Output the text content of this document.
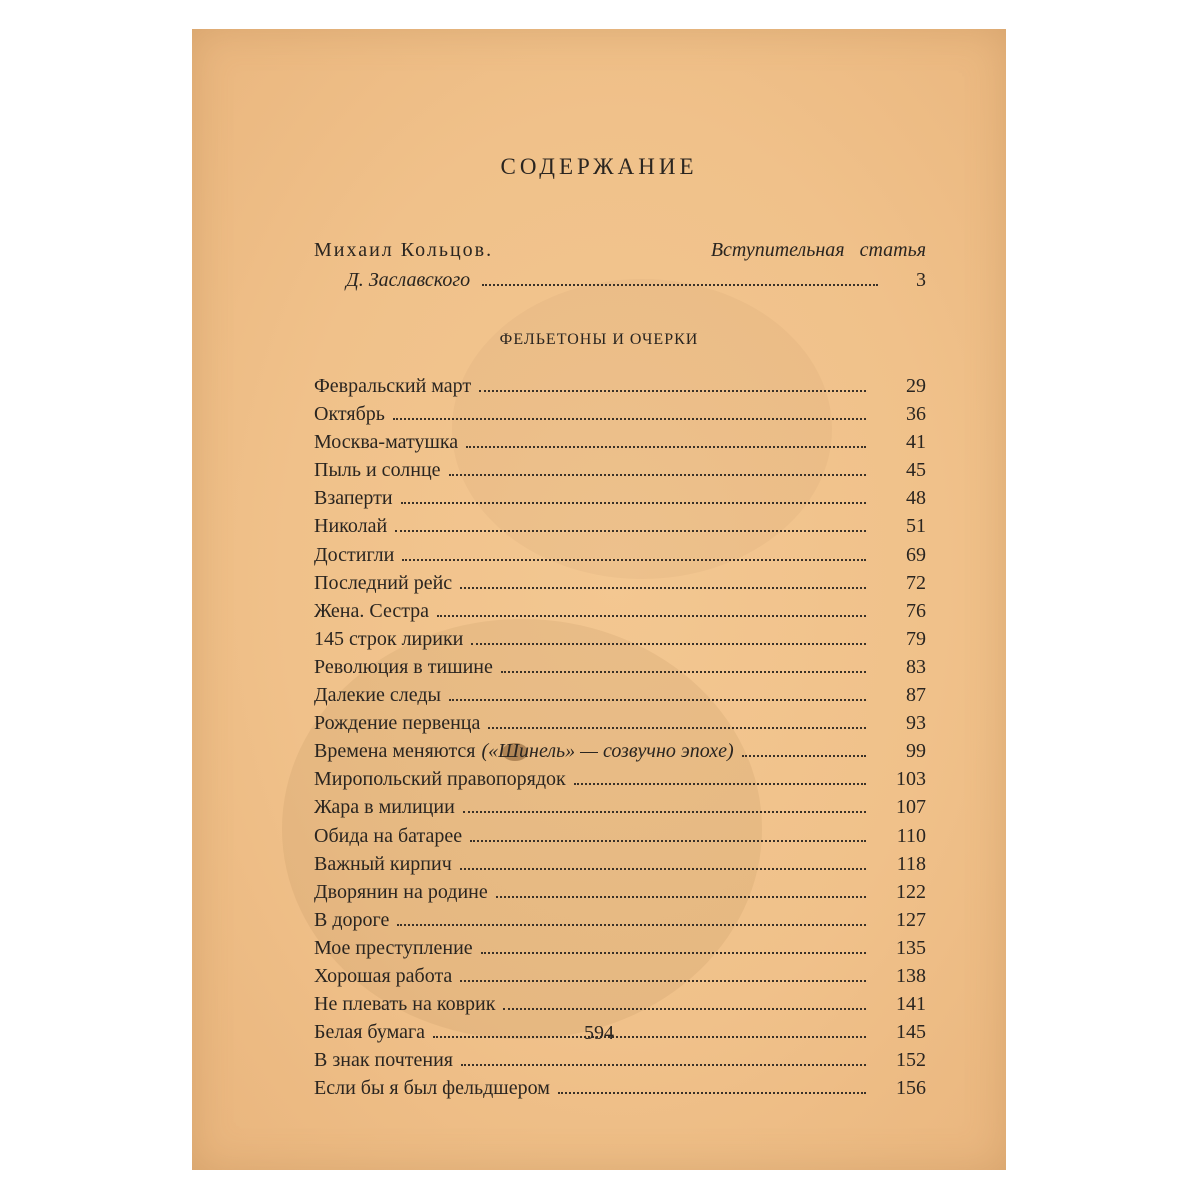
СОДЕРЖАНИЕ
Михаил Кольцов.	Вступительная статья
Д. Заславского	3
ФЕЛЬЕТОНЫ И ОЧЕРКИ
Февральский март	29
Октябрь	36
Москва-матушка	41
Пыль и солнце	45
Взаперти	48
Николай	51
Достигли	69
Последний рейс	72
Жена. Сестра	76
145 строк лирики	79
Революция в тишине	83
Далекие следы	87
Рождение первенца	93
Времена меняются («Шинель» — созвучно эпохе)	99
Миропольский правопорядок	103
Жара в милиции	107
Обида на батарее	110
Важный кирпич	118
Дворянин на родине	122
В дороге	127
Мое преступление	135
Хорошая работа	138
Не плевать на коврик	141
Белая бумага	145
В знак почтения	152
Если бы я был фельдшером	156
594
